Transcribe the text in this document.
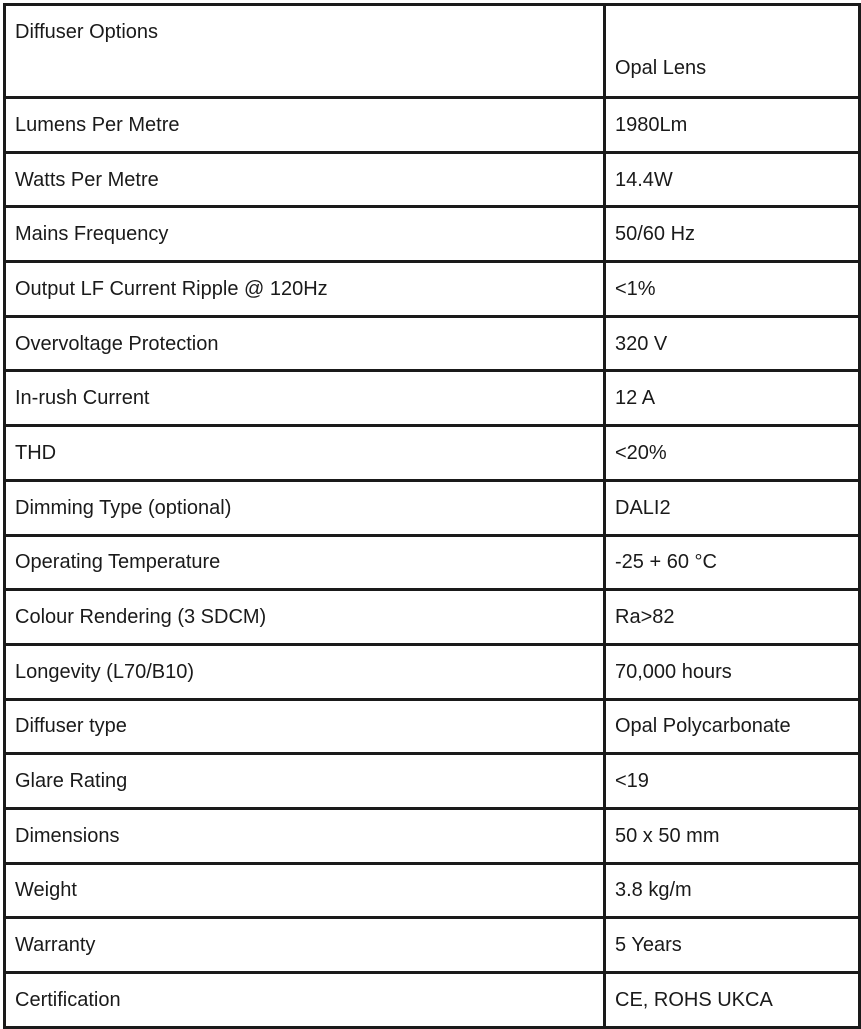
Diffuser Options	Opal Lens
Lumens Per Metre	1980Lm
Watts Per Metre	14.4W
Mains Frequency	50/60 Hz
Output LF Current Ripple @ 120Hz	<1%
Overvoltage Protection	320 V
In-rush Current	12 A
THD	<20%
Dimming Type (optional)	DALI2
Operating Temperature	-25 + 60 °C
Colour Rendering (3 SDCM)	Ra>82
Longevity (L70/B10)	70,000 hours
Diffuser type	Opal Polycarbonate
Glare Rating	<19
Dimensions	50 x 50 mm
Weight	3.8 kg/m
Warranty	5 Years
Certification	CE, ROHS UKCA
